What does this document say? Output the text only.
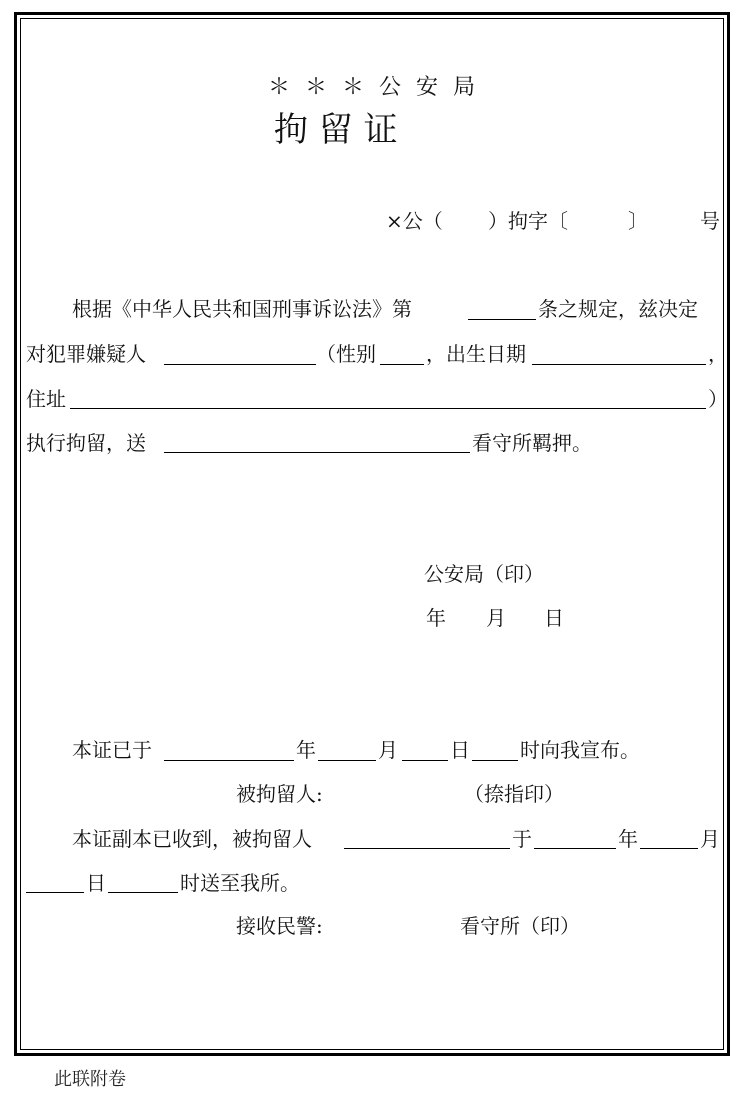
＊ ＊ ＊ 公 安 局
拘 留 证
×公（ ）拘字〔	〕	号
根据《中华人民共和国刑事诉讼法》第	条之规定，兹决定
对犯罪嫌疑人	（性别	，出生日期	，
住址	）
执行拘留，送	看守所羁押。
公安局（印）
年 月 日
本证已于	年	月	日	时向我宣布。
被拘留人:	（捺指印）
本证副本已收到，被拘留人	于	年	月
日	时送至我所。
接收民警:	看守所（印）
此联附卷
